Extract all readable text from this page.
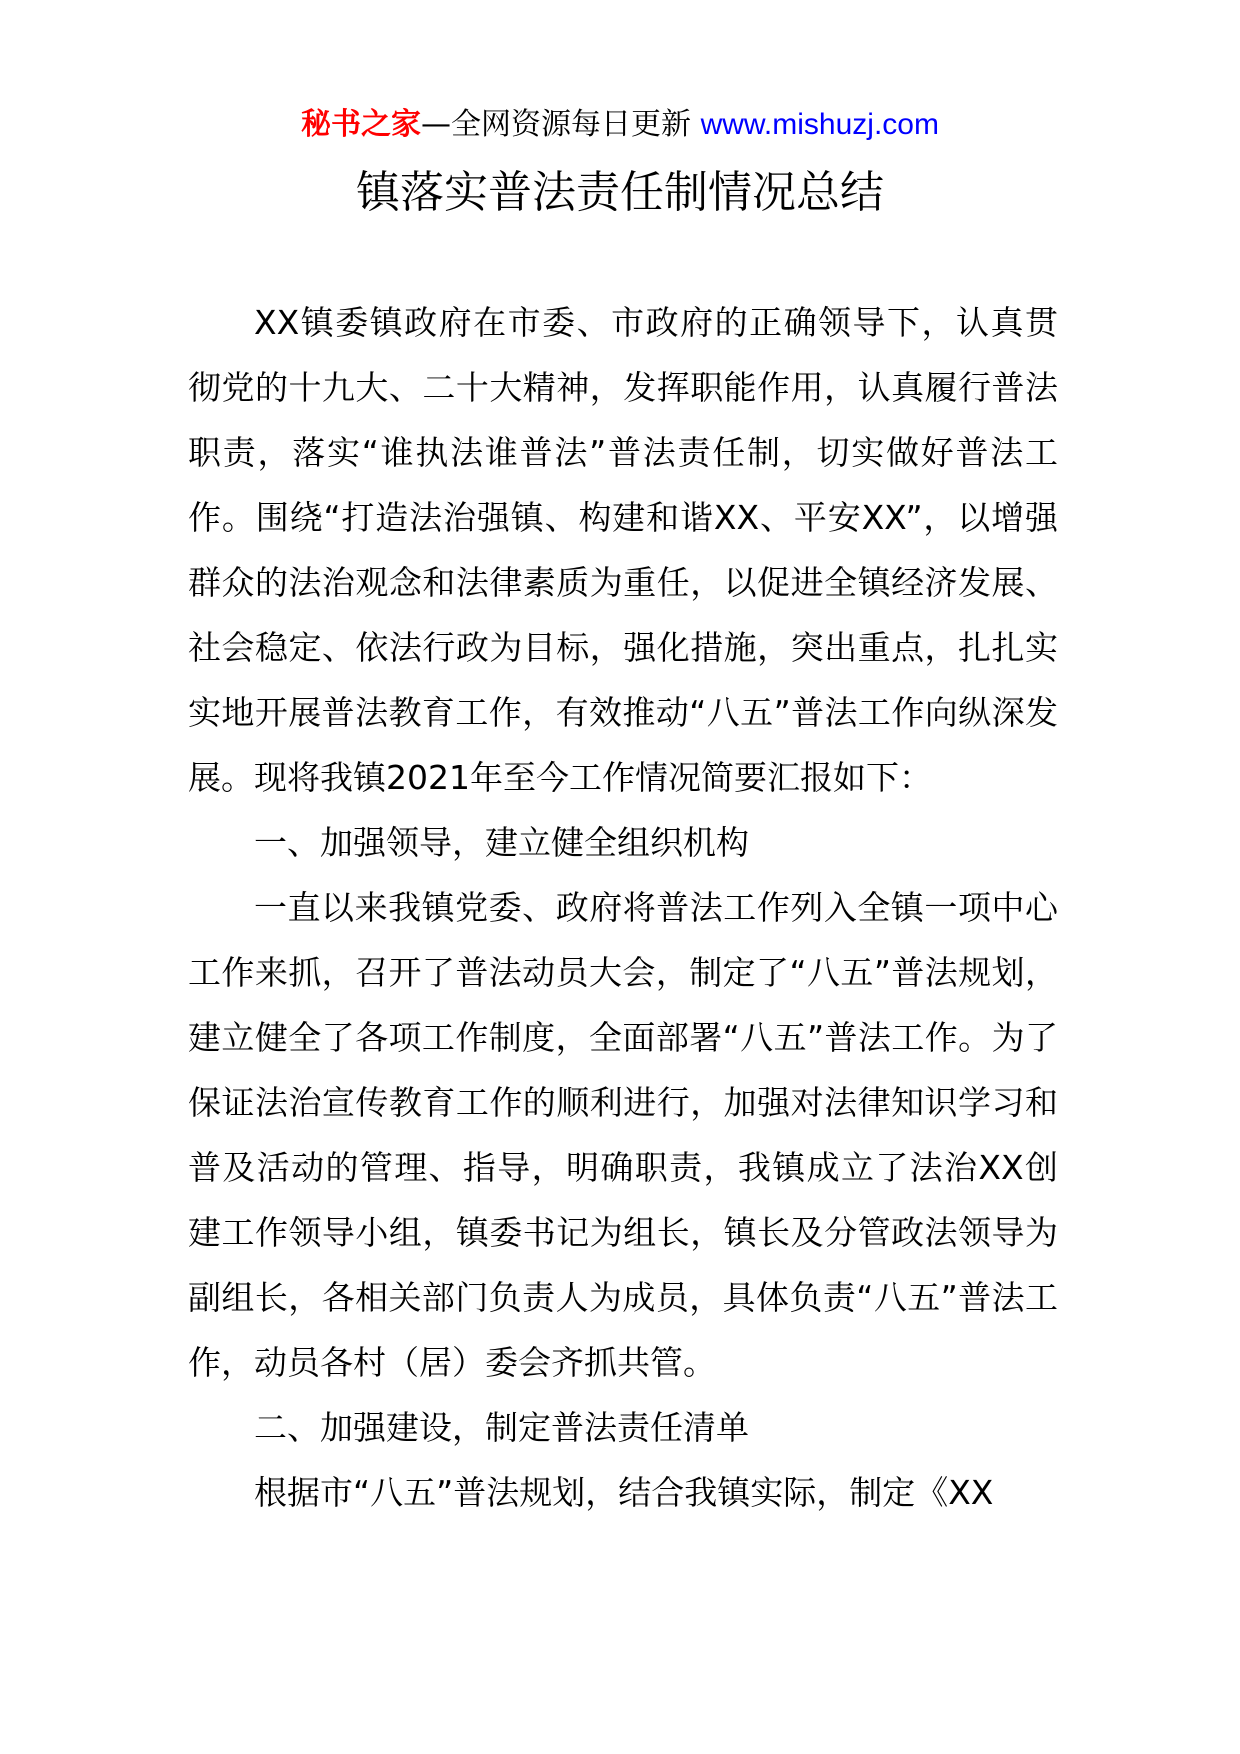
秘书之家—全网资源每日更新 www.mishuzj.com
镇落实普法责任制情况总结

XX镇委镇政府在市委、市政府的正确领导下，认真贯彻党的十九大、二十大精神，发挥职能作用，认真履行普法职责，落实“谁执法谁普法”普法责任制，切实做好普法工作。围绕“打造法治强镇、构建和谐XX、平安XX”，以增强群众的法治观念和法律素质为重任，以促进全镇经济发展、社会稳定、依法行政为目标，强化措施，突出重点，扎扎实实地开展普法教育工作，有效推动“八五”普法工作向纵深发展。现将我镇2021年至今工作情况简要汇报如下：

一、加强领导，建立健全组织机构

一直以来我镇党委、政府将普法工作列入全镇一项中心工作来抓，召开了普法动员大会，制定了“八五”普法规划，建立健全了各项工作制度，全面部署“八五”普法工作。为了保证法治宣传教育工作的顺利进行，加强对法律知识学习和普及活动的管理、指导，明确职责，我镇成立了法治XX创建工作领导小组，镇委书记为组长，镇长及分管政法领导为副组长，各相关部门负责人为成员，具体负责“八五”普法工作，动员各村（居）委会齐抓共管。

二、加强建设，制定普法责任清单

根据市“八五”普法规划，结合我镇实际，制定《XX
